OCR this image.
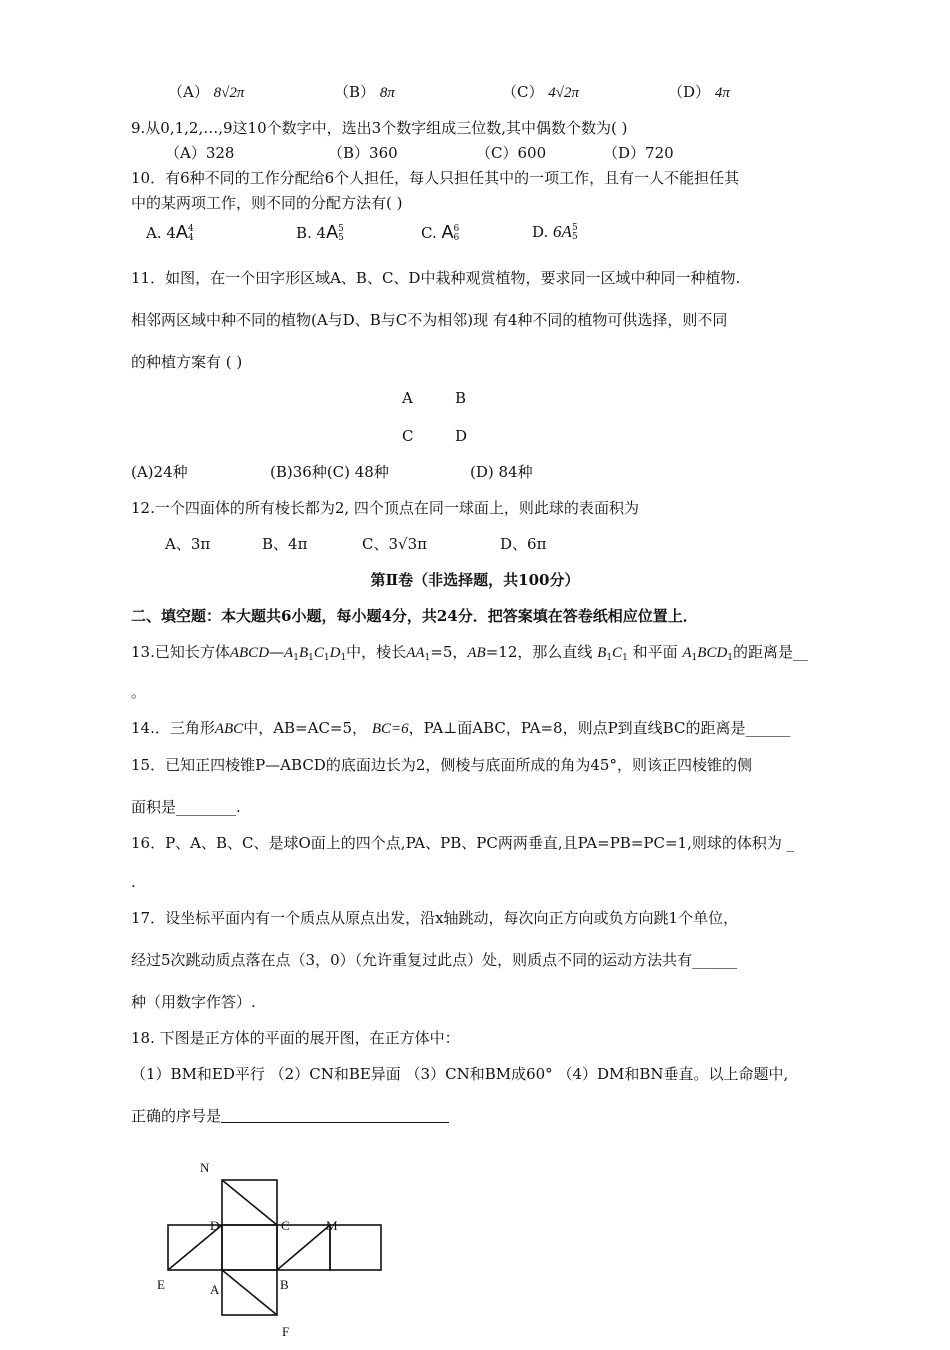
（A） 8√2π	（B） 8π	（C） 4√2π	（D） 4π
9.从0,1,2,…,9这10个数字中，选出3个数字组成三位数,其中偶数个数为( )
（A）328	（B）360	（C）600	（D）720
10．有6种不同的工作分配给6个人担任，每人只担任其中的一项工作，且有一人不能担任其
中的某两项工作，则不同的分配方法有( )
A. 4A 4
4	B. 4A 5
5	C. A 6
6	D. 6A 5
5
11．如图，在一个田字形区域A、B、C、D中栽种观赏植物，要求同一区域中种同一种植物.
相邻两区域中种不同的植物(A与D、B与C不为相邻)现 有4种不同的植物可供选择，则不同
的种植方案有 ( )
A	B
C	D
(A)24种	(B)36种(C) 48种	(D) 84种
12.一个四面体的所有棱长都为2, 四个顶点在同一球面上，则此球的表面积为
A、3π	B、4π	C、3√3π	D、6π
第Ⅱ卷（非选择题，共100分）
二、填空题：本大题共6小题，每小题4分，共24分．把答案填在答卷纸相应位置上．
13.已知长方体$ABCD—A_1B_1C_1D_1$中，棱长$AA_1=5$，AB=12，那么直线 $B_1C_1$ 和平面 $A_1BCD_1$的距离是__
。
14.．三角形ABC中，AB=AC=5， BC=6，PA⊥面ABC，PA=8，则点P到直线BC的距离是______
15．已知正四棱锥P—ABCD的底面边长为2，侧棱与底面所成的角为45°，则该正四棱锥的侧
面积是________.
16．P、A、B、C、是球O面上的四个点,PA、PB、PC两两垂直,且PA=PB=PC=1,则球的体积为 _
.
17．设坐标平面内有一个质点从原点出发，沿x轴跳动，每次向正方向或负方向跳1个单位，
经过5次跳动质点落在点（3，0）（允许重复过此点）处，则质点不同的运动方法共有______
种（用数字作答）.
18. 下图是正方体的平面的展开图，在正方体中：
（1）BM和ED平行 （2）CN和BE异面 （3）CN和BM成60° （4）DM和BN垂直。以上命题中,
正确的序号是
N
D	C	M
E	A	B
F
